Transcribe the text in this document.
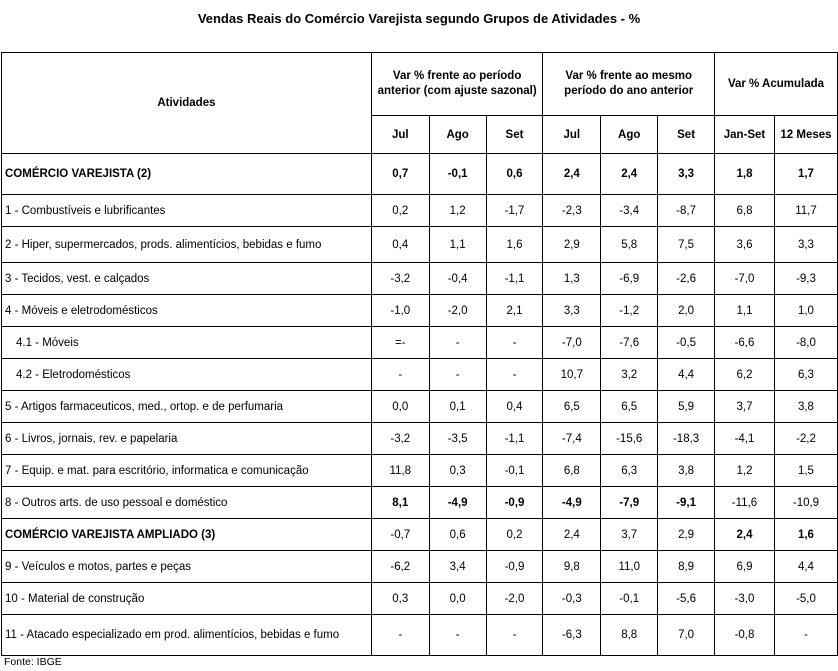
Vendas Reais do Comércio Varejista segundo Grupos de Atividades - %
Atividades	Var % frente ao período anterior (com ajuste sazonal)			Var % frente ao mesmo período do ano anterior			Var % Acumulada	
	Jul	Ago	Set	Jul	Ago	Set	Jan-Set	12 Meses
COMÉRCIO VAREJISTA (2)	0,7	-0,1	0,6	2,4	2,4	3,3	1,8	1,7
1 - Combustíveis e lubrificantes	0,2	1,2	-1,7	-2,3	-3,4	-8,7	6,8	11,7
2 - Hiper, supermercados, prods. alimentícios, bebidas e fumo	0,4	1,1	1,6	2,9	5,8	7,5	3,6	3,3
3 - Tecidos, vest. e calçados	-3,2	-0,4	-1,1	1,3	-6,9	-2,6	-7,0	-9,3
4 - Móveis e eletrodomésticos	-1,0	-2,0	2,1	3,3	-1,2	2,0	1,1	1,0
4.1 - Móveis	=-	-	-	-7,0	-7,6	-0,5	-6,6	-8,0
4.2 - Eletrodomésticos	-	-	-	10,7	3,2	4,4	6,2	6,3
5 - Artigos farmaceuticos, med., ortop. e de perfumaria	0,0	0,1	0,4	6,5	6,5	5,9	3,7	3,8
6 - Livros, jornais, rev. e papelaria	-3,2	-3,5	-1,1	-7,4	-15,6	-18,3	-4,1	-2,2
7 - Equip. e mat. para escritório, informatica e comunicação	11,8	0,3	-0,1	6,8	6,3	3,8	1,2	1,5
8 - Outros arts. de uso pessoal e doméstico	8,1	-4,9	-0,9	-4,9	-7,9	-9,1	-11,6	-10,9
COMÉRCIO VAREJISTA AMPLIADO (3)	-0,7	0,6	0,2	2,4	3,7	2,9	2,4	1,6
9 - Veículos e motos, partes e peças	-6,2	3,4	-0,9	9,8	11,0	8,9	6,9	4,4
10 - Material de construção	0,3	0,0	-2,0	-0,3	-0,1	-5,6	-3,0	-5,0
11 - Atacado especializado em prod. alimentícios, bebidas e fumo	-	-	-	-6,3	8,8	7,0	-0,8	-
Fonte: IBGE
